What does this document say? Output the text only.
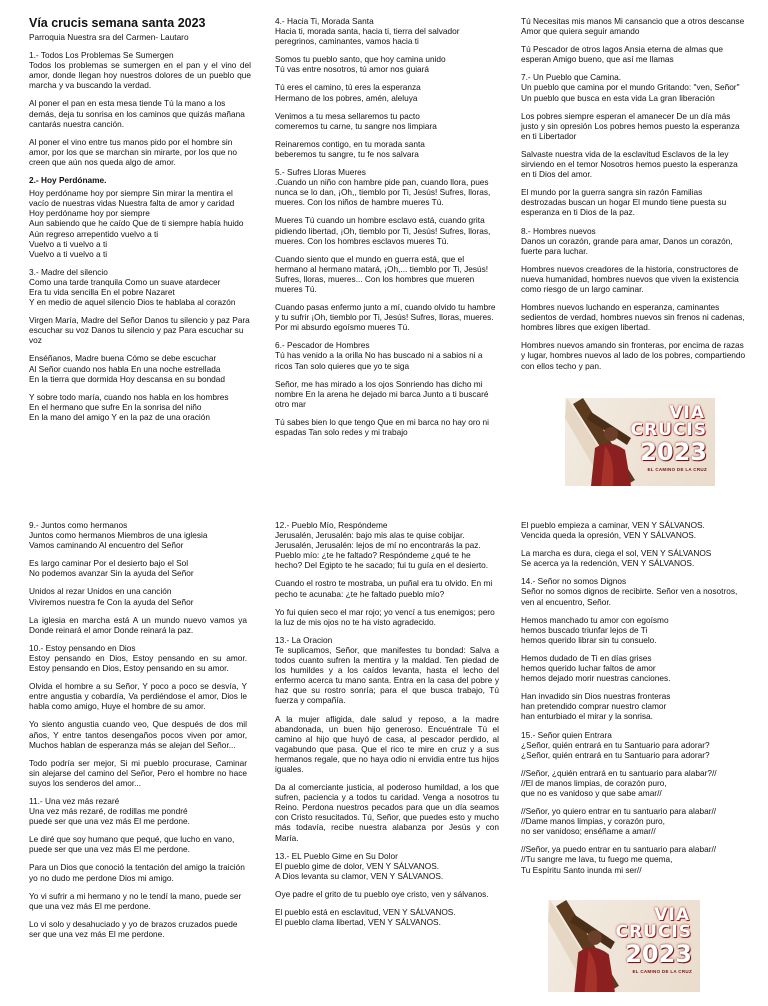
Vía crucis semana santa 2023
Parroquia Nuestra sra del Carmen- Lautaro

1.- Todos Los Problemas Se Sumergen
Todos los problemas se sumergen en el pan y el vino del amor, donde llegan hoy nuestros dolores de un pueblo que marcha y va buscando la verdad.

Al poner el pan en esta mesa tiende Tú la mano a los demás, deja tu sonrisa en los caminos que quizás mañana cantarás nuestra canción.

Al poner el vino entre tus manos pido por el hombre sin amor, por los que se marchan sin mirarte, por los que no creen que aún nos queda algo de amor.

2.- Hoy Perdóname.

Hoy perdóname hoy por siempre Sin mirar la mentira el vacío de nuestras vidas Nuestra falta de amor y caridad
Hoy perdóname hoy por siempre
Aun sabiendo que he caído Que de ti siempre había huido Aún regreso arrepentido vuelvo a ti
Vuelvo a ti vuelvo a ti
Vuelvo a ti vuelvo a ti

3.- Madre del silencio
Como una tarde tranquila Como un suave atardecer
Era tu vida sencilla En el pobre Nazaret
Y en medio de aquel silencio Dios te hablaba al corazón

Virgen María, Madre del Señor Danos tu silencio y paz Para escuchar su voz Danos tu silencio y paz Para escuchar su voz

Enséñanos, Madre buena Cómo se debe escuchar
Al Señor cuando nos habla En una noche estrellada
En la tierra que dormida Hoy descansa en su bondad

Y sobre todo maría, cuando nos habla en los hombres
En el hermano que sufre En la sonrisa del niño
En la mano del amigo Y en la paz de una oración

4.- Hacia Ti, Morada Santa
Hacia ti, morada santa, hacia ti, tierra del salvador peregrinos, caminantes, vamos hacia ti

Somos tu pueblo santo, que hoy camina unido
Tú vas entre nosotros, tú amor nos guiará

Tú eres el camino, tú eres la esperanza
Hermano de los pobres, amén, aleluya

Venimos a tu mesa sellaremos tu pacto
comeremos tu carne, tu sangre nos limpiara

Reinaremos contigo, en tu morada santa
beberemos tu sangre, tu fe nos salvara

5.- Sufres Lloras Mueres
.Cuando un niño con hambre pide pan, cuando llora, pues nunca se lo dan, ¡Oh,, tiemblo por Ti, Jesús! Sufres, lloras, mueres. Con los niños de hambre mueres Tú.

Mueres Tú cuando un hombre esclavo está, cuando grita pidiendo libertad, ¡Oh, tiemblo por Ti, Jesús! Sufres, lloras, mueres. Con los hombres esclavos mueres Tú.

Cuando siento que el mundo en guerra está, que el hermano al hermano matará, ¡Oh,... tiemblo por Ti, Jesús! Sufres, lloras, mueres... Con los hombres que mueren mueres Tú.

Cuando pasas enfermo junto a mí, cuando olvido tu hambre y tu sufrir ¡Oh, tiemblo por Ti, Jesús! Sufres, lloras, mueres. Por mi absurdo egoísmo mueres Tú.

6.- Pescador de Hombres
Tú has venido a la orilla No has buscado ni a sabios ni a ricos Tan solo quieres que yo te siga

Señor, me has mirado a los ojos Sonriendo has dicho mi nombre En la arena he dejado mi barca Junto a ti buscaré otro mar

Tú sabes bien lo que tengo Que en mi barca no hay oro ni espadas Tan solo redes y mi trabajo

Tú Necesitas mis manos Mi cansancio que a otros descanse Amor que quiera seguir amando

Tú Pescador de otros lagos Ansia eterna de almas que esperan Amigo bueno, que así me llamas

7.- Un Pueblo que Camina.
Un pueblo que camina por el mundo Gritando: "ven, Señor" Un pueblo que busca en esta vida La gran liberación

Los pobres siempre esperan el amanecer De un día más justo y sin opresión Los pobres hemos puesto la esperanza en ti Libertador

Salvaste nuestra vida de la esclavitud Esclavos de la ley sirviendo en el temor Nosotros hemos puesto la esperanza en ti Dios del amor.

El mundo por la guerra sangra sin razón Familias destrozadas buscan un hogar El mundo tiene puesta su esperanza en ti Dios de la paz.

8.- Hombres nuevos
Danos un corazón, grande para amar, Danos un corazón, fuerte para luchar.

Hombres nuevos creadores de la historia, constructores de nueva humanidad, hombres nuevos que viven la existencia como riesgo de un largo caminar.

Hombres nuevos luchando en esperanza, caminantes sedientos de verdad, hombres nuevos sin frenos ni cadenas, hombres libres que exigen libertad.

Hombres nuevos amando sin fronteras, por encima de razas y lugar, hombres nuevos al lado de los pobres, compartiendo con ellos techo y pan.

9.- Juntos como hermanos
Juntos como hermanos Miembros de una iglesia
Vamos caminando Al encuentro del Señor

Es largo caminar Por el desierto bajo el Sol
No podemos avanzar Sin la ayuda del Señor

Unidos al rezar Unidos en una canción
Viviremos nuestra fe Con la ayuda del Señor

La iglesia en marcha está A un mundo nuevo vamos ya Donde reinará el amor Donde reinará la paz.

10.- Estoy pensando en Dios
Estoy pensando en Dios, Estoy pensando en su amor. Estoy pensando en Dios, Estoy pensando en su amor.

Olvida el hombre a su Señor, Y poco a poco se desvía, Y entre angustia y cobardía, Va perdiéndose el amor, Dios le habla como amigo, Huye el hombre de su amor.

Yo siento angustia cuando veo, Que después de dos mil años, Y entre tantos desengaños pocos viven por amor, Muchos hablan de esperanza más se alejan del Señor...

Todo podría ser mejor, Si mi pueblo procurase, Caminar sin alejarse del camino del Señor, Pero el hombre no hace suyos los senderos del amor...

11.- Una vez más rezaré
Una vez más rezaré, de rodillas me pondré
puede ser que una vez más El me perdone.

Le diré que soy humano que pequé, que lucho en vano, puede ser que una vez más El me perdone.

Para un Dios que conoció la tentación del amigo la traición yo no dudo me perdone Dios mi amigo.

Yo vi sufrir a mi hermano y no le tendí la mano, puede ser que una vez más El me perdone.

Lo vi solo y desahuciado y yo de brazos cruzados puede ser que una vez más El me perdone.

12.- Pueblo Mío, Respóndeme
Jerusalén, Jerusalén: bajo mis alas te quise cobijar. Jerusalén, Jerusalén: lejos de mí no encontrarás la paz.
Pueblo mío: ¿te he faltado? Respóndeme ¿qué te he hecho? Del Egipto te he sacado; fui tu guía en el desierto.

Cuando el rostro te mostraba, un puñal era tu olvido. En mi pecho te acunaba: ¿te he faltado pueblo mío?

Yo fui quien seco el mar rojo; yo vencí a tus enemigos; pero la luz de mis ojos no te ha visto agradecido.

13.- La Oracion
Te suplicamos, Señor, que manifestes tu bondad: Salva a todos cuanto sufren la mentira y la maldad. Ten piedad de los humildes y a los caídos levanta, hasta el lecho del enfermo acerca tu mano santa. Entra en la casa del pobre y haz que su rostro sonría; para el que busca trabajo, Tú fuerza y compañía.

A la mujer afligida, dale salud y reposo, a la madre abandonada, un buen hijo generoso. Encuéntrale Tú el camino al hijo que huyó de casa, al pescador perdido, al vagabundo que pasa. Que el rico te mire en cruz y a sus hermanos regale, que no haya odio ni envidia entre tus hijos iguales.

Da al comerciante justicia, al poderoso humildad, a los que sufren, paciencia y a todos tu caridad. Venga a nosotros tu Reino. Perdona nuestros pecados para que un día seamos con Cristo resucitados. Tú, Señor, que puedes esto y mucho más todavía, recibe nuestra alabanza por Jesús y con María.

13.- EL Pueblo Gime en Su Dolor
El pueblo gime de dolor, VEN Y SÁLVANOS.
A Dios levanta su clamor, VEN Y SÁLVANOS.

Oye padre el grito de tu pueblo oye cristo, ven y sálvanos.

El pueblo está en esclavitud, VEN Y SÁLVANOS.
El pueblo clama libertad, VEN Y SÁLVANOS.

El pueblo empieza a caminar, VEN Y SÁLVANOS.
Vencida queda la opresión, VEN Y SÁLVANOS.

La marcha es dura, ciega el sol, VEN Y SÁLVANOS
Se acerca ya la redención, VEN Y SÁLVANOS.

14.- Señor no somos Dignos
Señor no somos dignos de recibirte. Señor ven a nosotros, ven al encuentro, Señor.

Hemos manchado tu amor con egoísmo
hemos buscado triunfar lejos de Ti
hemos querido librar sin tu consuelo.

Hemos dudado de Ti en días grises
hemos querido luchar faltos de amor
hemos dejado morir nuestras canciones.

Han invadido sin Dios nuestras fronteras
han pretendido comprar nuestro clamor
han enturbiado el mirar y la sonrisa.

15.- Señor quien Entrara
¿Señor, quién entrará en tu Santuario para adorar?
¿Señor, quién entrará en tu Santuario para adorar?

//Señor, ¿quién entrará en tu santuario para alabar?//
//El de manos limpias, de corazón puro,
que no es vanidoso y que sabe amar//

//Señor, yo quiero entrar en tu santuario para alabar//
//Dame manos limpias, y corazón puro,
no ser vanidoso; enséñame a amar//

//Señor, ya puedo entrar en tu santuario para alabar//
//Tu sangre me lava, tu fuego me quema,
Tu Espíritu Santo inunda mi ser//

VIA
CRUCIS
2023
EL CAMINO DE LA CRUZ
VIA
CRUCIS
2023
EL CAMINO DE LA CRUZ
